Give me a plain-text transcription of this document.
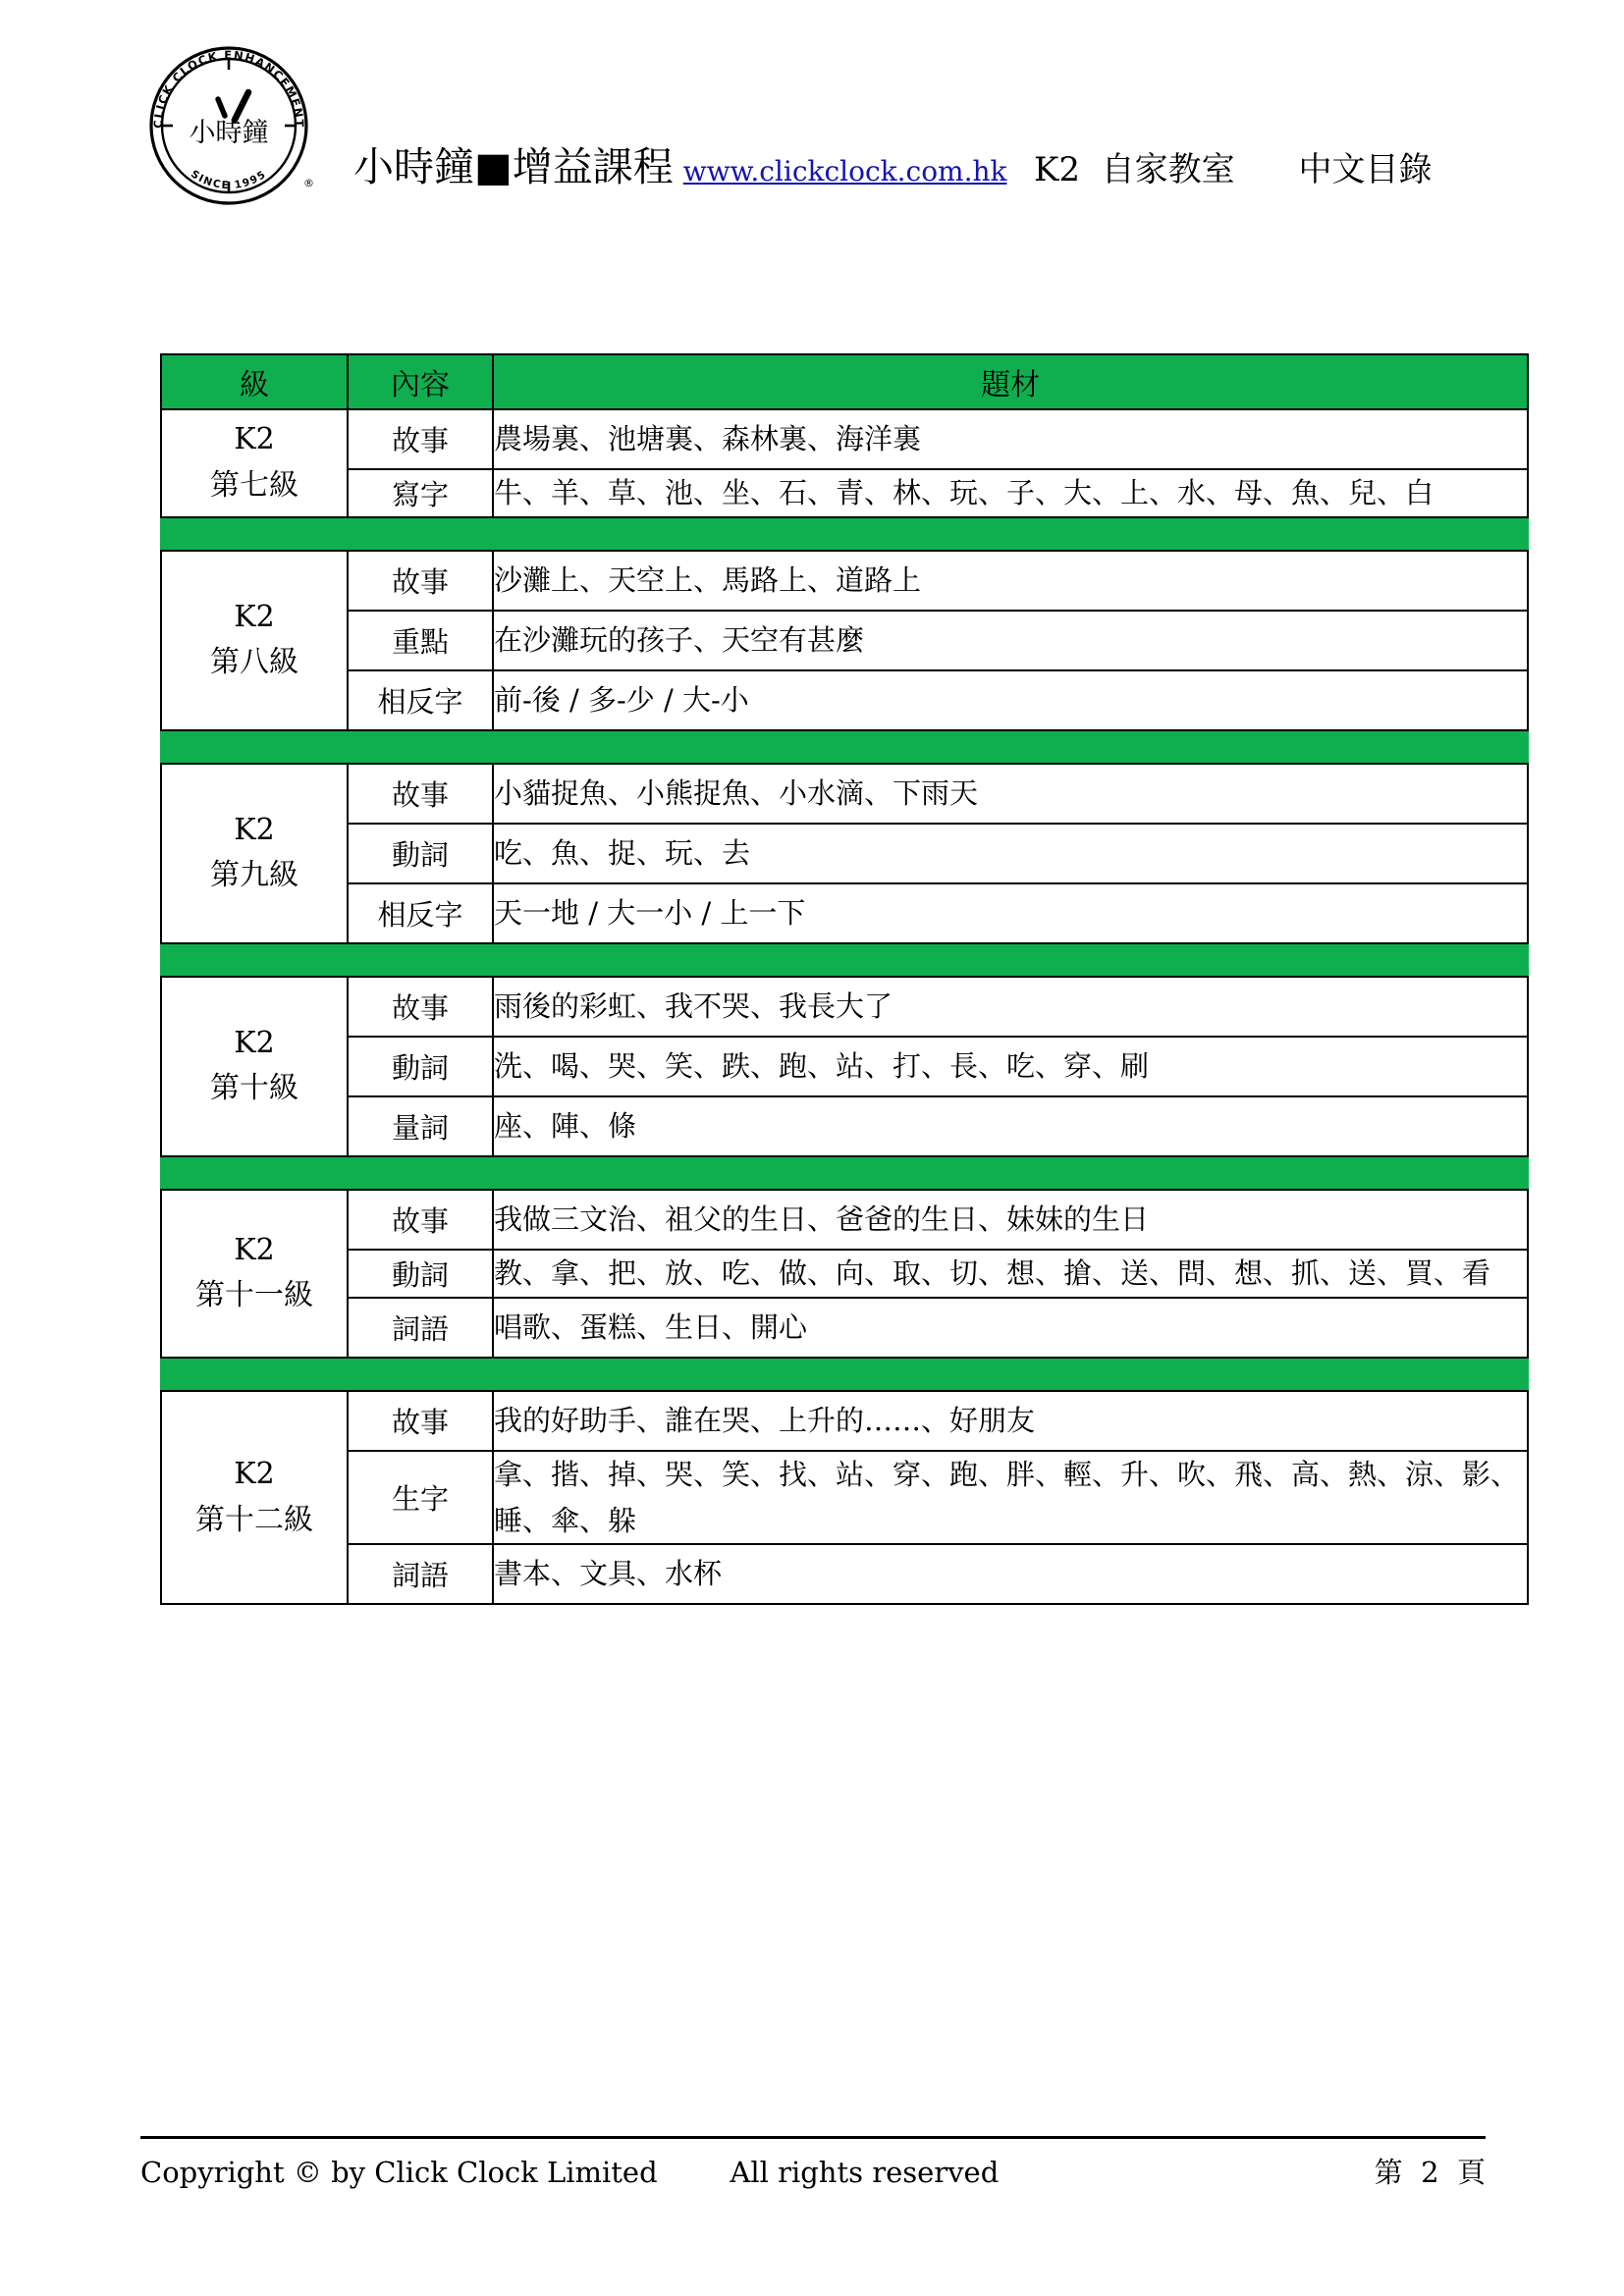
CLICK CLOCK ENHANCEMENT
SINCE 1995
小時鐘
® 小時鐘■增益課程 www.clickclock.com.hk K2  自家教室      中文目錄
級	內容	題材

K2
第七級	故事	農場裏、池塘裏、森林裏、海洋裏
	寫字	牛、羊、草、池、坐、石、青、林、玩、子、大、上、水、母、魚、兒、白

K2
第八級	故事	沙灘上、天空上、馬路上、道路上
	重點	在沙灘玩的孩子、天空有甚麼
	相反字	前-後 / 多-少 / 大-小

K2
第九級	故事	小貓捉魚、小熊捉魚、小水滴、下雨天
	動詞	吃、魚、捉、玩、去
	相反字	天一地 / 大一小 / 上一下

K2
第十級	故事	雨後的彩虹、我不哭、我長大了
	動詞	洗、喝、哭、笑、跌、跑、站、打、長、吃、穿、刷
	量詞	座、陣、條

K2
第十一級	故事	我做三文治、祖父的生日、爸爸的生日、妹妹的生日
	動詞	教、拿、把、放、吃、做、向、取、切、想、搶、送、問、想、抓、送、買、看
	詞語	唱歌、蛋糕、生日、開心

K2
第十二級	故事	我的好助手、誰在哭、上升的……、好朋友
	生字	拿、揩、掉、哭、笑、找、站、穿、跑、胖、輕、升、吹、飛、高、熱、涼、影、睡、傘、躲
	詞語	書本、文具、水杯
Copyright © by Click Clock Limited        All rights reserved	第  2  頁
